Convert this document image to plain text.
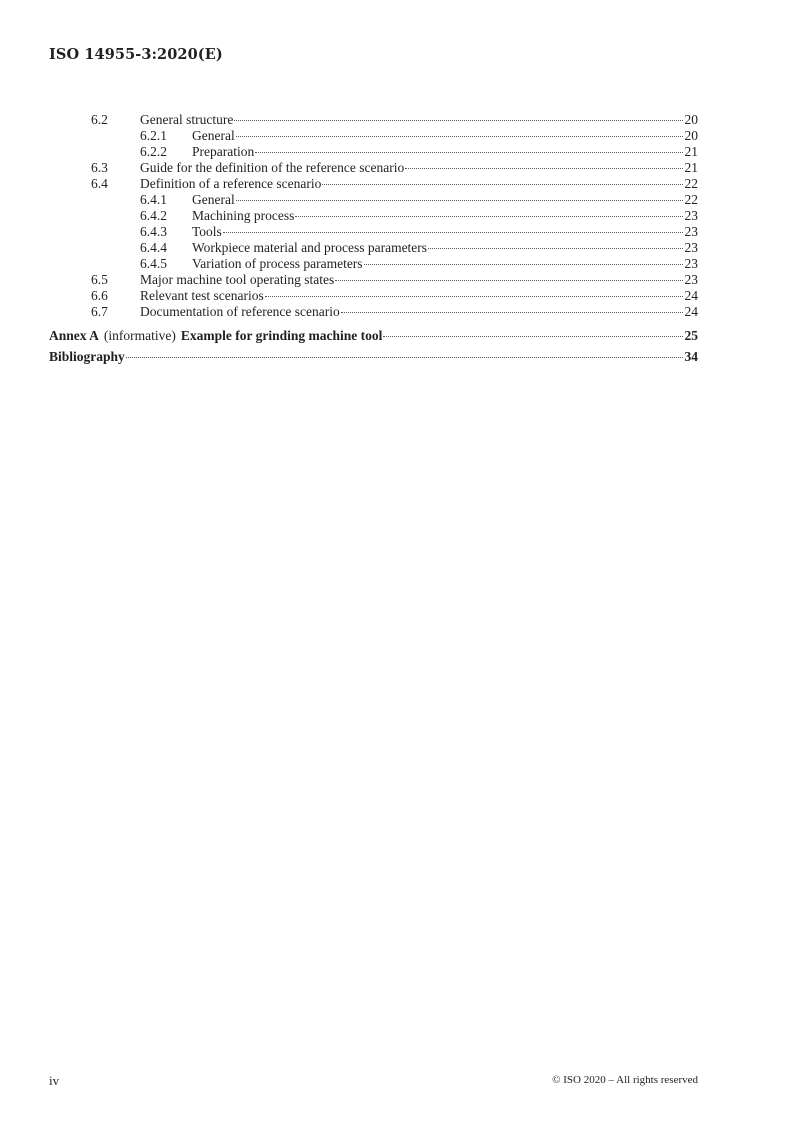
ISO 14955-3:2020(E)
6.2	General structure	20
6.2.1	General	20
6.2.2	Preparation	21
6.3	Guide for the definition of the reference scenario	21
6.4	Definition of a reference scenario	22
6.4.1	General	22
6.4.2	Machining process	23
6.4.3	Tools	23
6.4.4	Workpiece material and process parameters	23
6.4.5	Variation of process parameters	23
6.5	Major machine tool operating states	23
6.6	Relevant test scenarios	24
6.7	Documentation of reference scenario	24
Annex A (informative) Example for grinding machine tool	25
Bibliography	34
iv	© ISO 2020 – All rights reserved
